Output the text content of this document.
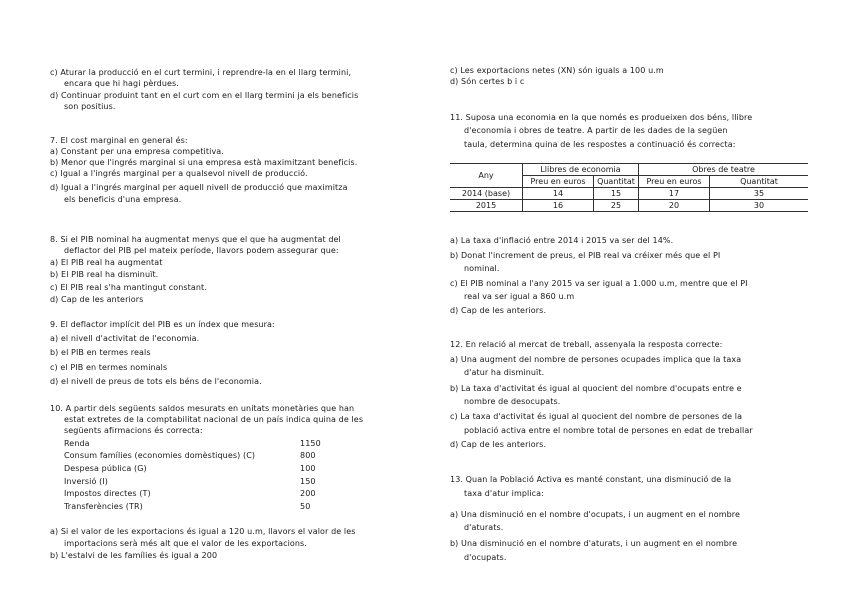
c) Aturar la producció en el curt termini, i reprendre-la en el llarg termini,
encara que hi hagi pèrdues.
d) Continuar produint tant en el curt com en el llarg termini ja els beneficis
son positius.
7. El cost marginal en general és:
a) Constant per una empresa competitiva.
b) Menor que l'ingrés marginal si una empresa està maximitzant beneficis.
c) Igual a l'ingrés marginal per a qualsevol nivell de producció.
d) Igual a l'ingrés marginal per aquell nivell de producció que maximitza
els beneficis d'una empresa.
8. Si el PIB nominal ha augmentat menys que el que ha augmentat del
deflactor del PIB pel mateix període, llavors podem assegurar que:
a) El PIB real ha augmentat
b) El PIB real ha disminuït.
c) El PIB real s'ha mantingut constant.
d) Cap de les anteriors
9. El deflactor implícit del PIB es un índex que mesura:
a) el nivell d'activitat de l'economia.
b) el PIB en termes reals
c) el PIB en termes nominals
d) el nivell de preus de tots els béns de l'economia.
10. A partir dels següents saldos mesurats en unitats monetàries que han
estat extretes de la comptabilitat nacional de un país indica quina de les
següents afirmacions és correcta:
Renda	1150
Consum famílies (economies domèstiques) (C)	800
Despesa pública (G)	100
Inversió (I)	150
Impostos directes (T)	200
Transferències (TR)	50
a) Si el valor de les exportacions és igual a 120 u.m, llavors el valor de les
importacions serà més alt que el valor de les exportacions.
b) L'estalvi de les famílies és igual a 200
c) Les exportacions netes (XN) són iguals a 100 u.m
d) Són certes b i c
11. Suposa una economia en la que només es produeixen dos béns, llibre
d'economia i obres de teatre. A partir de les dades de la següen
taula, determina quina de les respostes a continuació és correcta:
Any	Llibres de economia		Obres de teatre	
	Preu en euros	Quantitat	Preu en euros	Quantitat
2014 (base)	14	15	17	35
2015	16	25	20	30
a) La taxa d'inflació entre 2014 i 2015 va ser del 14%.
b) Donat l'increment de preus, el PIB real va créixer més que el PI
nominal.
c) El PIB nominal a l'any 2015 va ser igual a 1.000 u.m, mentre que el PI
real va ser igual a 860 u.m
d) Cap de les anteriors.
12. En relació al mercat de treball, assenyala la resposta correcte:
a) Una augment del nombre de persones ocupades implica que la taxa
d'atur ha disminuït.
b) La taxa d'activitat és igual al quocient del nombre d'ocupats entre e
nombre de desocupats.
c) La taxa d'activitat és igual al quocient del nombre de persones de la
població activa entre el nombre total de persones en edat de treballar
d) Cap de les anteriors.
13. Quan la Població Activa es manté constant, una disminució de la
taxa d'atur implica:
a) Una disminució en el nombre d'ocupats, i un augment en el nombre
d'aturats.
b) Una disminució en el nombre d'aturats, i un augment en el nombre
d'ocupats.
